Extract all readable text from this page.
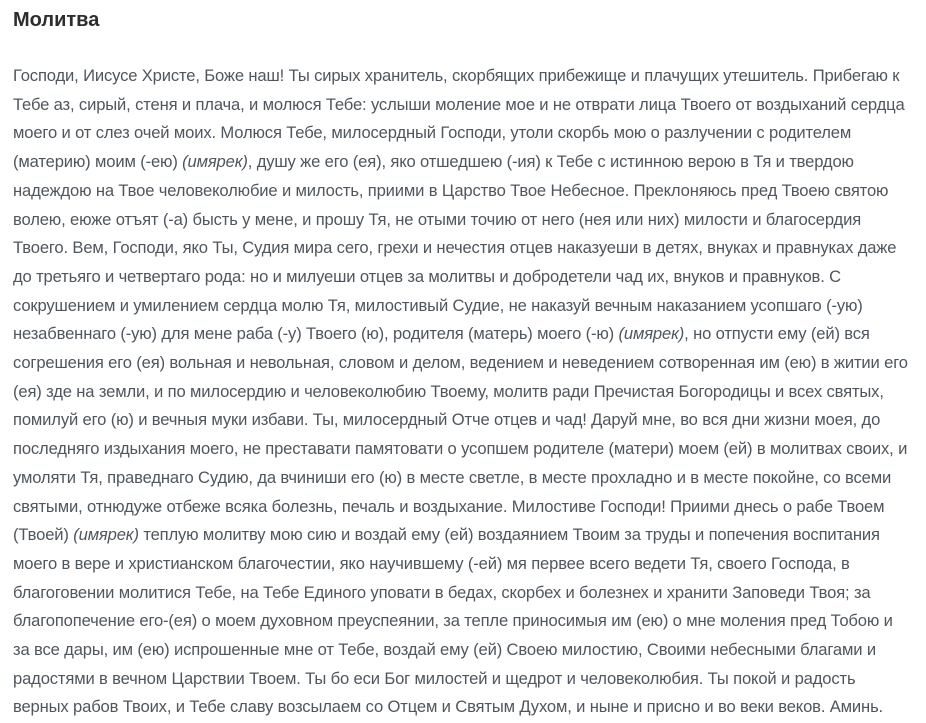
Молитва

Господи, Иисусе Христе, Боже наш! Ты сирых хранитель, скорбящих прибежище и плачущих утешитель. Прибегаю к Тебе аз, сирый, стеня и плача, и молюся Тебе: услыши моление мое и не отврати лица Твоего от воздыханий сердца моего и от слез очей моих. Молюся Тебе, милосердный Господи, утоли скорбь мою о разлучении с родителем (материю) моим (-ею) (имярек), душу же его (ея), яко отшедшею (-ия) к Тебе с истинною верою в Тя и твердою надеждою на Твое человеколюбие и милость, приими в Царство Твое Небесное. Преклоняюсь пред Твоею святою волею, еюже отъят (-а) бысть у мене, и прошу Тя, не отыми точию от него (нея или них) милости и благосердия Твоего. Вем, Господи, яко Ты, Судия мира сего, грехи и нечестия отцев наказуеши в детях, внуках и правнуках даже до третьяго и четвертаго рода: но и милуеши отцев за молитвы и добродетели чад их, внуков и правнуков. С сокрушением и умилением сердца молю Тя, милостивый Судие, не наказуй вечным наказанием усопшаго (-ую) незабвеннаго (-ую) для мене раба (-у) Твоего (ю), родителя (матерь) моего (-ю) (имярек), но отпусти ему (ей) вся согрешения его (ея) вольная и невольная, словом и делом, ведением и неведением сотворенная им (ею) в житии его (ея) зде на земли, и по милосердию и человеколюбию Твоему, молитв ради Пречистая Богородицы и всех святых, помилуй его (ю) и вечныя муки избави. Ты, милосердный Отче отцев и чад! Даруй мне, во вся дни жизни моея, до последняго издыхания моего, не преставати памятовати о усопшем родителе (матери) моем (ей) в молитвах своих, и умоляти Тя, праведнаго Судию, да вчиниши его (ю) в месте светле, в месте прохладно и в месте покойне, со всеми святыми, отнюдуже отбеже всяка болезнь, печаль и воздыхание. Милостиве Господи! Приими днесь о рабе Твоем (Твоей) (имярек) теплую молитву мою сию и воздай ему (ей) воздаянием Твоим за труды и попечения воспитания моего в вере и христианском благочестии, яко научившему (-ей) мя первее всего ведети Тя, своего Господа, в благоговении молитися Тебе, на Тебе Единого уповати в бедах, скорбех и болезнех и хранити Заповеди Твоя; за благопопечение его-(ея) о моем духовном преуспеянии, за тепле приносимыя им (ею) о мне моления пред Тобою и за все дары, им (ею) испрошенные мне от Тебе, воздай ему (ей) Своею милостию, Своими небесными благами и радостями в вечном Царствии Твоем. Ты бо еси Бог милостей и щедрот и человеколюбия. Ты покой и радость верных рабов Твоих, и Тебе славу возсылаем со Отцем и Святым Духом, и ныне и присно и во веки веков. Аминь.
